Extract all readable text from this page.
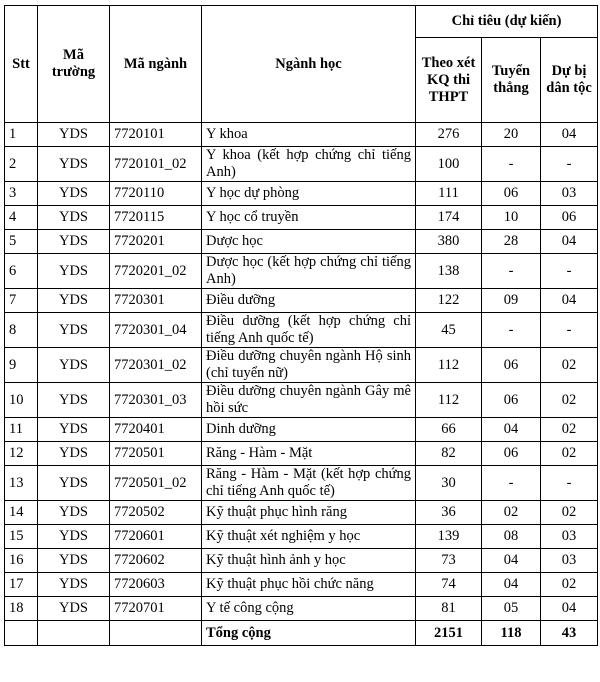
Stt	Mã trường	Mã ngành	Ngành học	Chỉ tiêu (dự kiến)		
				Theo xét KQ thi THPT	Tuyển thẳng	Dự bị dân tộc
1	YDS	7720101	Y khoa	276	20	04
2	YDS	7720101_02	Y khoa (kết hợp chứng chỉ tiếng Anh)	100	-	-
3	YDS	7720110	Y học dự phòng	111	06	03
4	YDS	7720115	Y học cổ truyền	174	10	06
5	YDS	7720201	Dược học	380	28	04
6	YDS	7720201_02	Dược học (kết hợp chứng chỉ tiếng Anh)	138	-	-
7	YDS	7720301	Điều dưỡng	122	09	04
8	YDS	7720301_04	Điều dưỡng (kết hợp chứng chỉ tiếng Anh quốc tế)	45	-	-
9	YDS	7720301_02	Điều dưỡng chuyên ngành Hộ sinh (chỉ tuyển nữ)	112	06	02
10	YDS	7720301_03	Điều dưỡng chuyên ngành Gây mê hồi sức	112	06	02
11	YDS	7720401	Dinh dưỡng	66	04	02
12	YDS	7720501	Răng - Hàm - Mặt	82	06	02
13	YDS	7720501_02	Răng - Hàm - Mặt (kết hợp chứng chỉ tiếng Anh quốc tế)	30	-	-
14	YDS	7720502	Kỹ thuật phục hình răng	36	02	02
15	YDS	7720601	Kỹ thuật xét nghiệm y học	139	08	03
16	YDS	7720602	Kỹ thuật hình ảnh y học	73	04	03
17	YDS	7720603	Kỹ thuật phục hồi chức năng	74	04	02
18	YDS	7720701	Y tế công cộng	81	05	04
			Tổng cộng	2151	118	43
